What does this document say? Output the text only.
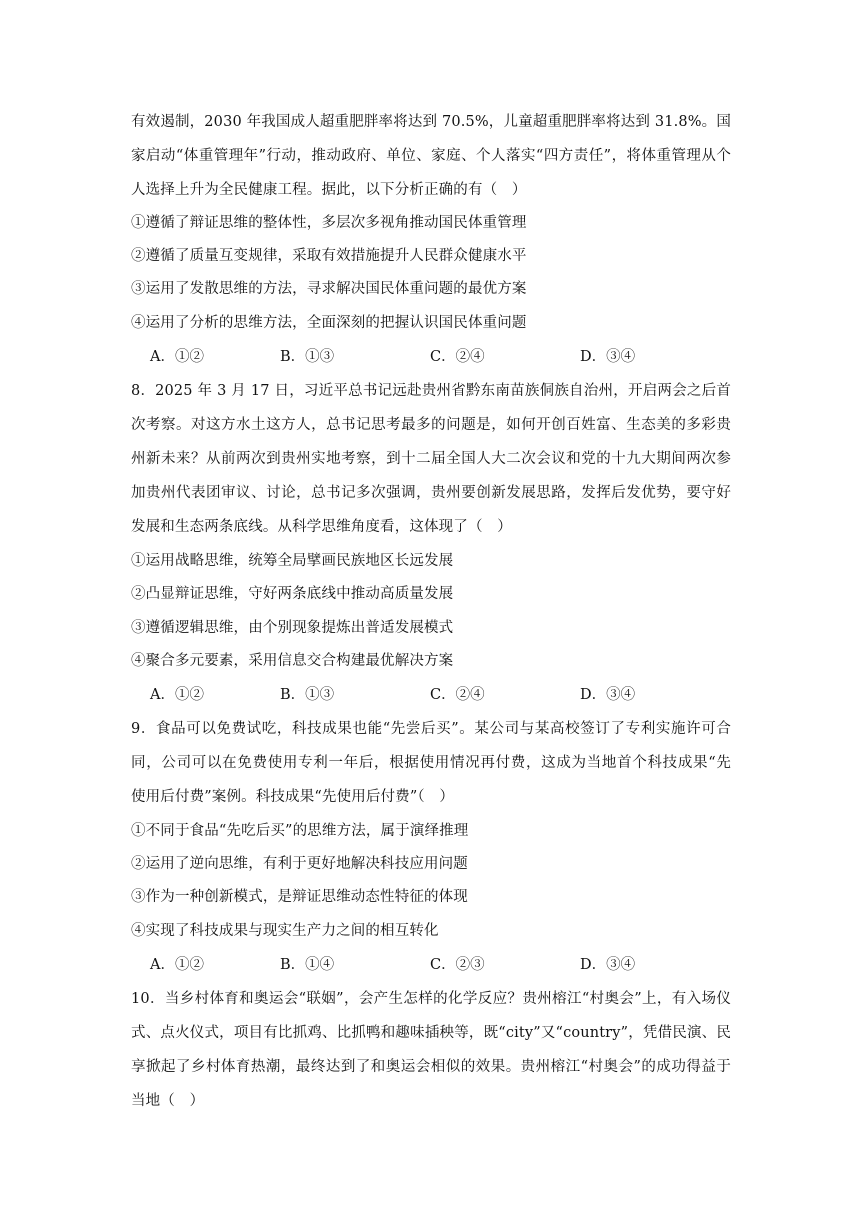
有效遏制，2030 年我国成人超重肥胖率将达到 70.5%，儿童超重肥胖率将达到 31.8%。国
家启动“体重管理年”行动，推动政府、单位、家庭、个人落实“四方责任”，将体重管理从个
人选择上升为全民健康工程。据此，以下分析正确的有（　）
①遵循了辩证思维的整体性，多层次多视角推动国民体重管理
②遵循了质量互变规律，采取有效措施提升人民群众健康水平
③运用了发散思维的方法，寻求解决国民体重问题的最优方案
④运用了分析的思维方法，全面深刻的把握认识国民体重问题
A．①②	B．①③	C．②④	D．③④
8．2025 年 3 月 17 日，习近平总书记远赴贵州省黔东南苗族侗族自治州，开启两会之后首
次考察。对这方水土这方人，总书记思考最多的问题是，如何开创百姓富、生态美的多彩贵
州新未来？从前两次到贵州实地考察，到十二届全国人大二次会议和党的十九大期间两次参
加贵州代表团审议、讨论，总书记多次强调，贵州要创新发展思路，发挥后发优势，要守好
发展和生态两条底线。从科学思维角度看，这体现了（　）
①运用战略思维，统筹全局擘画民族地区长远发展
②凸显辩证思维，守好两条底线中推动高质量发展
③遵循逻辑思维，由个别现象提炼出普适发展模式
④聚合多元要素，采用信息交合构建最优解决方案
A．①②	B．①③	C．②④	D．③④
9．食品可以免费试吃，科技成果也能“先尝后买”。某公司与某高校签订了专利实施许可合
同，公司可以在免费使用专利一年后，根据使用情况再付费，这成为当地首个科技成果“先
使用后付费”案例。科技成果“先使用后付费”（　）
①不同于食品“先吃后买”的思维方法，属于演绎推理
②运用了逆向思维，有利于更好地解决科技应用问题
③作为一种创新模式，是辩证思维动态性特征的体现
④实现了科技成果与现实生产力之间的相互转化
A．①②	B．①④	C．②③	D．③④
10．当乡村体育和奥运会“联姻”，会产生怎样的化学反应？贵州榕江“村奥会”上，有入场仪
式、点火仪式，项目有比抓鸡、比抓鸭和趣味插秧等，既“city”又“country”，凭借民演、民
享掀起了乡村体育热潮，最终达到了和奥运会相似的效果。贵州榕江“村奥会”的成功得益于
当地（　）
